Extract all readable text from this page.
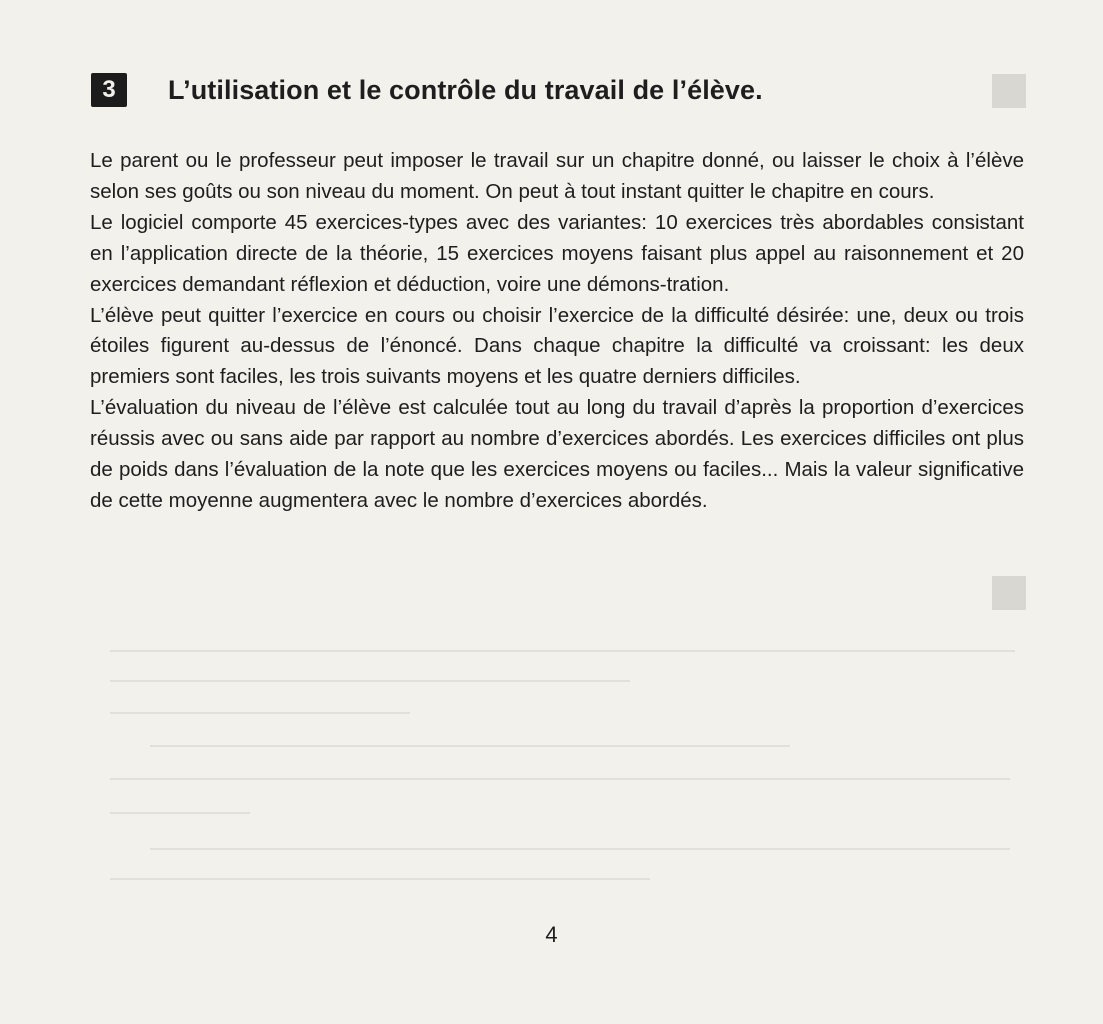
3	L’utilisation et le contrôle du travail de l’élève.

Le parent ou le professeur peut imposer le travail sur un chapitre donné, ou laisser le choix à l’élève selon ses goûts ou son niveau du moment. On peut à tout instant quitter le chapitre en cours.

Le logiciel comporte 45 exercices-types avec des variantes: 10 exercices très abordables consistant en l’application directe de la théorie, 15 exercices moyens faisant plus appel au raisonnement et 20 exercices demandant réflexion et déduction, voire une démons-tration.

L’élève peut quitter l’exercice en cours ou choisir l’exercice de la difficulté désirée: une, deux ou trois étoiles figurent au-dessus de l’énoncé. Dans chaque chapitre la difficulté va croissant: les deux premiers sont faciles, les trois suivants moyens et les quatre derniers difficiles.

L’évaluation du niveau de l’élève est calculée tout au long du travail d’après la proportion d’exercices réussis avec ou sans aide par rapport au nombre d’exercices abordés. Les exercices difficiles ont plus de poids dans l’évaluation de la note que les exercices moyens ou faciles... Mais la valeur significative de cette moyenne augmentera avec le nombre d’exercices abordés.

4
